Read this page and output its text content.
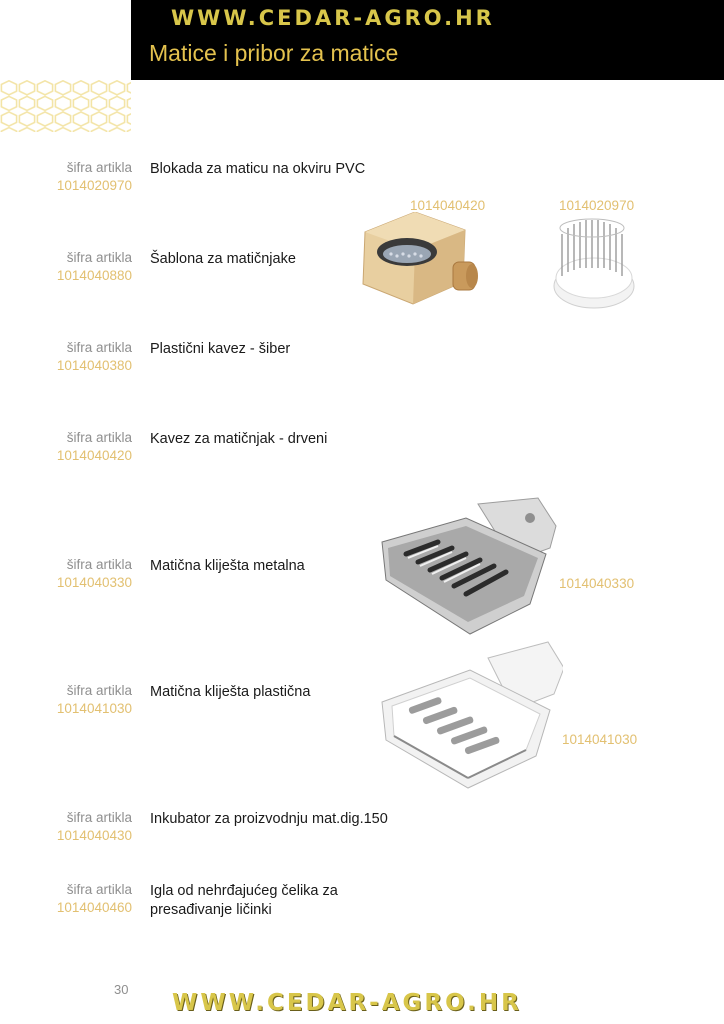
WWW.CEDAR-AGRO.HR
Matice i pribor za matice
šifra artikla
1014020970
Blokada za maticu na okviru PVC
šifra artikla
1014040880
Šablona za matičnjake
šifra artikla
1014040380
Plastični kavez - šiber
šifra artikla
1014040420
Kavez za matičnjak - drveni
šifra artikla
1014040330
Matična kliješta metalna
šifra artikla
1014041030
Matična kliješta plastična
šifra artikla
1014040430
Inkubator za proizvodnju mat.dig.150
šifra artikla
1014040460
Igla od nehrđajućeg čelika za presađivanje ličinki
1014040420	1014020970
1014040330
1014041030
30
WWW.CEDAR-AGRO.HR
